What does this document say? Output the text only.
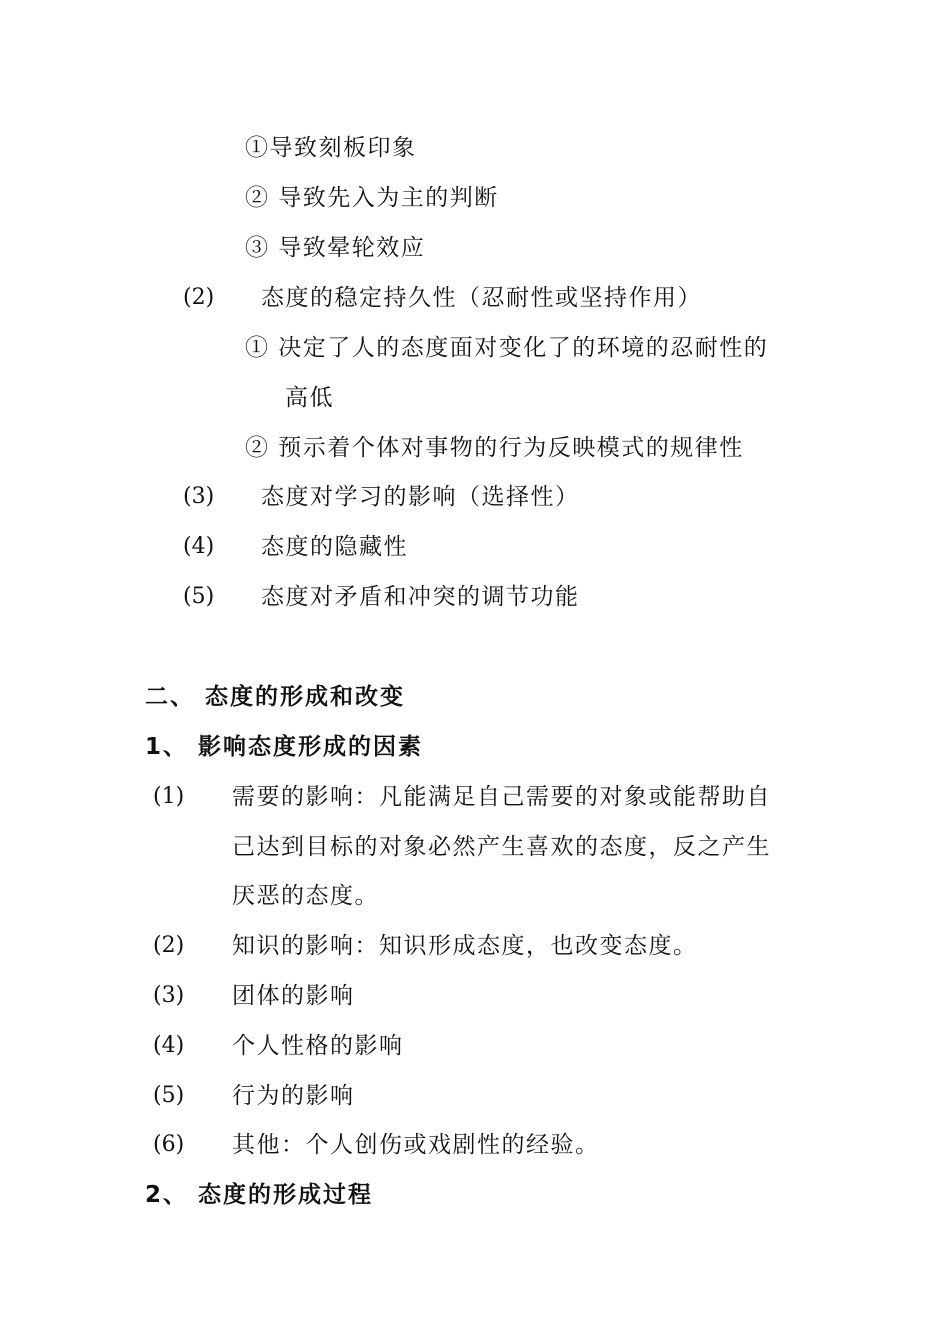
①导致刻板印象
② 导致先入为主的判断
③ 导致晕轮效应
(2) 态度的稳定持久性（忍耐性或坚持作用）
① 决定了人的态度面对变化了的环境的忍耐性的
高低
② 预示着个体对事物的行为反映模式的规律性
(3) 态度对学习的影响（选择性）
(4) 态度的隐藏性
(5) 态度对矛盾和冲突的调节功能
二、 态度的形成和改变
1、 影响态度形成的因素
(1) 需要的影响：凡能满足自己需要的对象或能帮助自
己达到目标的对象必然产生喜欢的态度，反之产生
厌恶的态度。
(2) 知识的影响：知识形成态度，也改变态度。
(3) 团体的影响
(4) 个人性格的影响
(5) 行为的影响
(6) 其他：个人创伤或戏剧性的经验。
2、 态度的形成过程
